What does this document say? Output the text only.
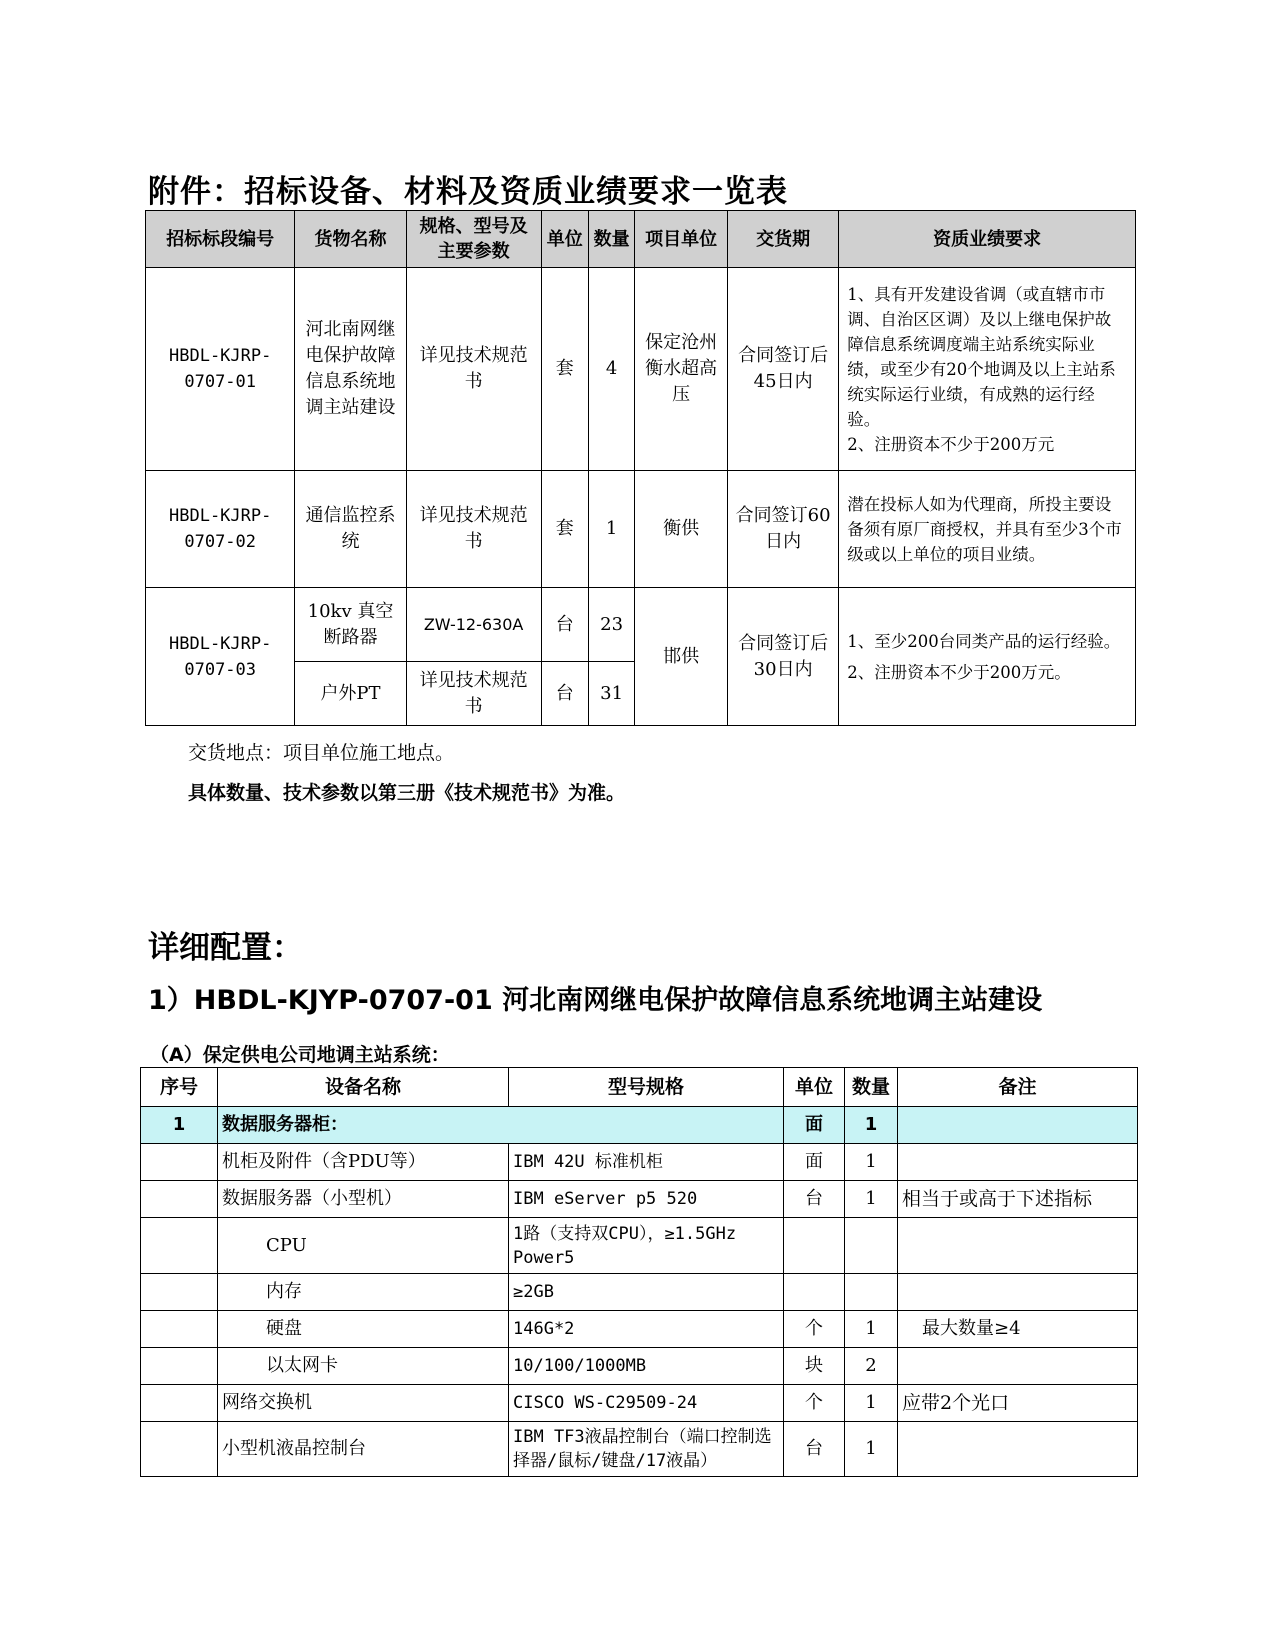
附件：招标设备、材料及资质业绩要求一览表
招标标段编号	货物名称	规格、型号及主要参数	单位	数量	项目单位	交货期	资质业绩要求
HBDL-KJRP-0707-01	河北南网继电保护故障信息系统地调主站建设	详见技术规范书	套	4	保定沧州衡水超高压	合同签订后45日内	1、具有开发建设省调（或直辖市市调、自治区区调）及以上继电保护故障信息系统调度端主站系统实际业绩，或至少有20个地调及以上主站系统实际运行业绩，有成熟的运行经验。
2、注册资本不少于200万元

HBDL-KJRP-0707-02	通信监控系统	详见技术规范书	套	1	衡供	合同签订60日内	潜在投标人如为代理商，所投主要设备须有原厂商授权，并具有至少3个市级或以上单位的项目业绩。

HBDL-KJRP-0707-03	10kv 真空断路器	ZW-12-630A	台	23	邯供	合同签订后30日内	1、至少200台同类产品的运行经验。
2、注册资本不少于200万元。

	户外PT	详见技术规范书	台	31			
交货地点：项目单位施工地点。
具体数量、技术参数以第三册《技术规范书》为准。
详细配置：
1）HBDL-KJYP-0707-01 河北南网继电保护故障信息系统地调主站建设
（A）保定供电公司地调主站系统：
序号	设备名称	型号规格	单位	数量	备注
1	数据服务器柜：		面	1	
	机柜及附件（含PDU等）	IBM 42U 标准机柜	面	1	
	数据服务器（小型机）	IBM eServer p5 520	台	1	相当于或高于下述指标
	CPU	1路（支持双CPU），≥1.5GHz Power5			
	内存	≥2GB			
	硬盘	146G*2	个	1	最大数量≥4
	以太网卡	10/100/1000MB	块	2	
	网络交换机	CISCO WS-C29509-24	个	1	应带2个光口
	小型机液晶控制台	IBM TF3液晶控制台（端口控制选择器/鼠标/键盘/17液晶）	台	1	
